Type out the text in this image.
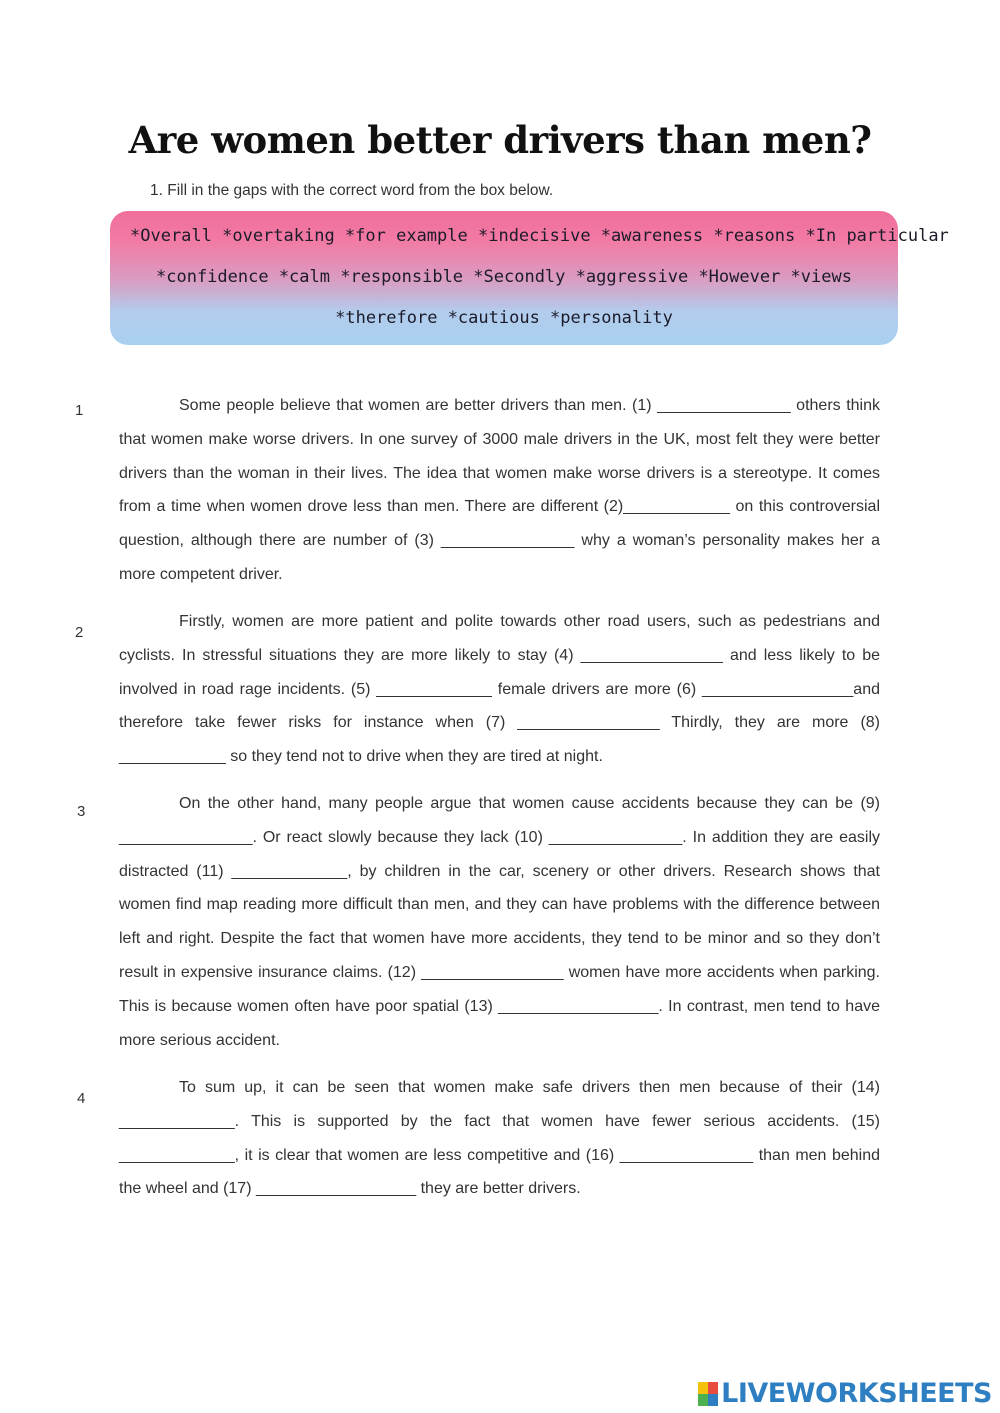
Are women better drivers than men?
1. Fill in the gaps with the correct word from the box below.
*Overall *overtaking *for example *indecisive *awareness *reasons *In particular
*confidence *calm *responsible *Secondly *aggressive *However *views
*therefore *cautious *personality
1	Some people believe that women are better drivers than men. (1) _______________ others think that women make worse drivers. In one survey of 3000 male drivers in the UK, most felt they were better drivers than the woman in their lives. The idea that women make worse drivers is a stereotype. It comes from a time when women drove less than men. There are different (2)____________ on this controversial question, although there are number of (3) _______________ why a woman’s personality makes her a more competent driver.

2

Firstly, women are more patient and polite towards other road users, such as pedestrians and cyclists. In stressful situations they are more likely to stay (4) ________________ and less likely to be involved in road rage incidents. (5) _____________ female drivers are more (6) _________________and therefore take fewer risks for instance when (7) ________________ Thirdly, they are more (8) ____________ so they tend not to drive when they are tired at night.

3	On the other hand, many people argue that women cause accidents because they can be (9) _______________. Or react slowly because they lack (10) _______________. In addition they are easily distracted (11) _____________, by children in the car, scenery or other drivers. Research shows that women find map reading more difficult than men, and they can have problems with the difference between left and right. Despite the fact that women have more accidents, they tend to be minor and so they don’t result in expensive insurance claims. (12) ________________ women have more accidents when parking. This is because women often have poor spatial (13) __________________. In contrast, men tend to have more serious accident.

4

To sum up, it can be seen that women make safe drivers then men because of their (14) _____________. This is supported by the fact that women have fewer serious accidents. (15) _____________, it is clear that women are less competitive and (16) _______________ than men behind the wheel and (17) __________________ they are better drivers.

LIVEWORKSHEETS
